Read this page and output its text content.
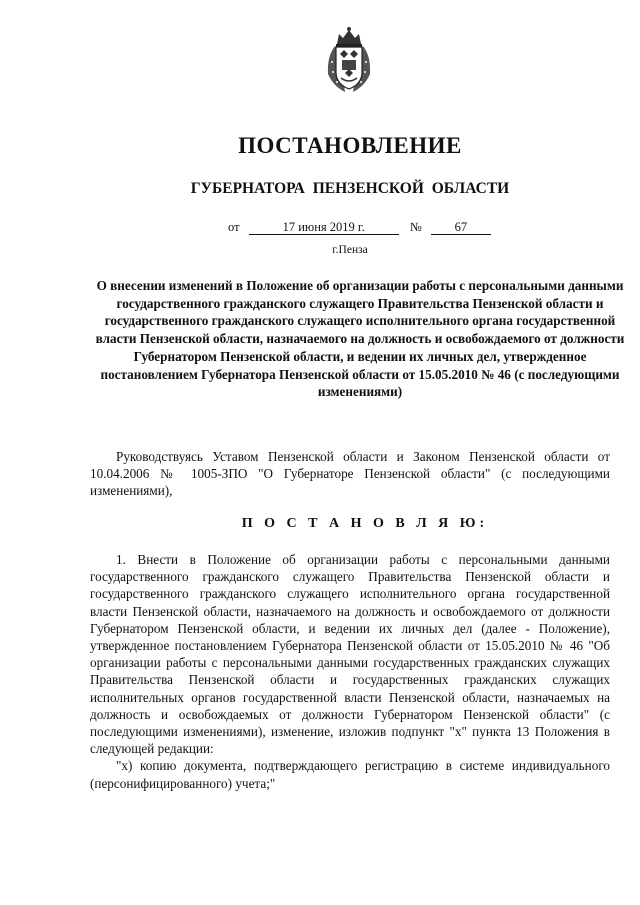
ПОСТАНОВЛЕНИЕ
ГУБЕРНАТОРА ПЕНЗЕНСКОЙ ОБЛАСТИ
от	17 июня 2019 г.	№	67
г.Пенза
О внесении изменений в Положение об организации работы с персональными данными государственного гражданского служащего Правительства Пензенской области и государственного гражданского служащего исполнительного органа государственной власти Пензенской области, назначаемого на должность и освобождаемого от должности Губернатором Пензенской области, и ведении их личных дел, утвержденное постановлением Губернатора Пензенской области от 15.05.2010 № 46 (с последующими изменениями)

Руководствуясь Уставом Пензенской области и Законом Пензенской области от 10.04.2006 № 1005-ЗПО "О Губернаторе Пензенской области" (с последующими изменениями),

П О С Т А Н О В Л Я Ю:

1. Внести в Положение об организации работы с персональными данными государственного гражданского служащего Правительства Пензенской области и государственного гражданского служащего исполнительного органа государственной власти Пензенской области, назначаемого на должность и освобождаемого от должности Губернатором Пензенской области, и ведении их личных дел (далее - Положение), утвержденное постановлением Губернатора Пензенской области от 15.05.2010 № 46 "Об организации работы с персональными данными государственных гражданских служащих Правительства Пензенской области и государственных гражданских служащих исполнительных органов государственной власти Пензенской области, назначаемых на должность и освобождаемых от должности Губернатором Пензенской области" (с последующими изменениями), изменение, изложив подпункт "х" пункта 13 Положения в следующей редакции:

"х) копию документа, подтверждающего регистрацию в системе индивидуального (персонифицированного) учета;"
